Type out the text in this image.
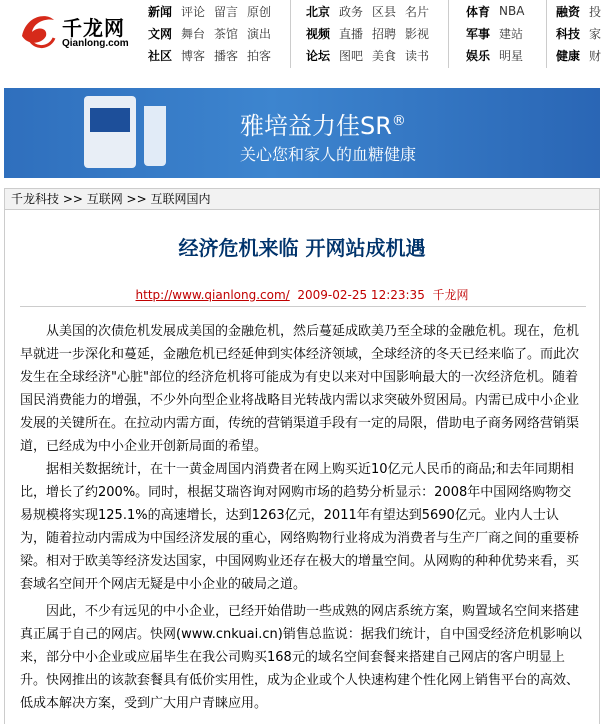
千龙网
Qianlong.com
新闻 评论 留言 原创
文网 舞台 茶馆 演出
社区 博客 播客 拍客
北京 政务 区县 名片
视频 直播 招聘 影视
论坛 图吧 美食 读书
体育 NBA
军事 建站
娱乐 明星
融资 投
科技 家
健康 财
雅培益力佳SR®
关心您和家人的血糖健康
千龙科技 >> 互联网 >> 互联网国内
经济危机来临 开网站成机遇
http://www.qianlong.com/ 2009-02-25 12:23:35 千龙网

从美国的次债危机发展成美国的金融危机，然后蔓延成欧美乃至全球的金融危机。现在，危机早就进一步深化和蔓延，金融危机已经延伸到实体经济领域，全球经济的冬天已经来临了。而此次发生在全球经济"心脏"部位的经济危机将可能成为有史以来对中国影响最大的一次经济危机。随着国民消费能力的增强，不少外向型企业将战略目光转战内需以求突破外贸困局。内需已成中小企业发展的关键所在。在拉动内需方面，传统的营销渠道手段有一定的局限，借助电子商务网络营销渠道，已经成为中小企业开创新局面的希望。

据相关数据统计，在十一黄金周国内消费者在网上购买近10亿元人民币的商品;和去年同期相比，增长了约200%。同时，根据艾瑞咨询对网购市场的趋势分析显示：2008年中国网络购物交易规模将实现125.1%的高速增长，达到1263亿元，2011年有望达到5690亿元。业内人士认为，随着拉动内需成为中国经济发展的重心，网络购物行业将成为消费者与生产厂商之间的重要桥梁。相对于欧美等经济发达国家，中国网购业还存在极大的增量空间。从网购的种种优势来看，买套域名空间开个网店无疑是中小企业的破局之道。

因此，不少有远见的中小企业，已经开始借助一些成熟的网店系统方案，购置域名空间来搭建真正属于自己的网店。快网(www.cnkuai.cn)销售总监说：据我们统计，自中国受经济危机影响以来，部分中小企业或应届毕生在我公司购买168元的域名空间套餐来搭建自己网店的客户明显上升。快网推出的该款套餐具有低价实用性，成为企业或个人快速构建个性化网上销售平台的高效、低成本解决方案，受到广大用户青睐应用。
